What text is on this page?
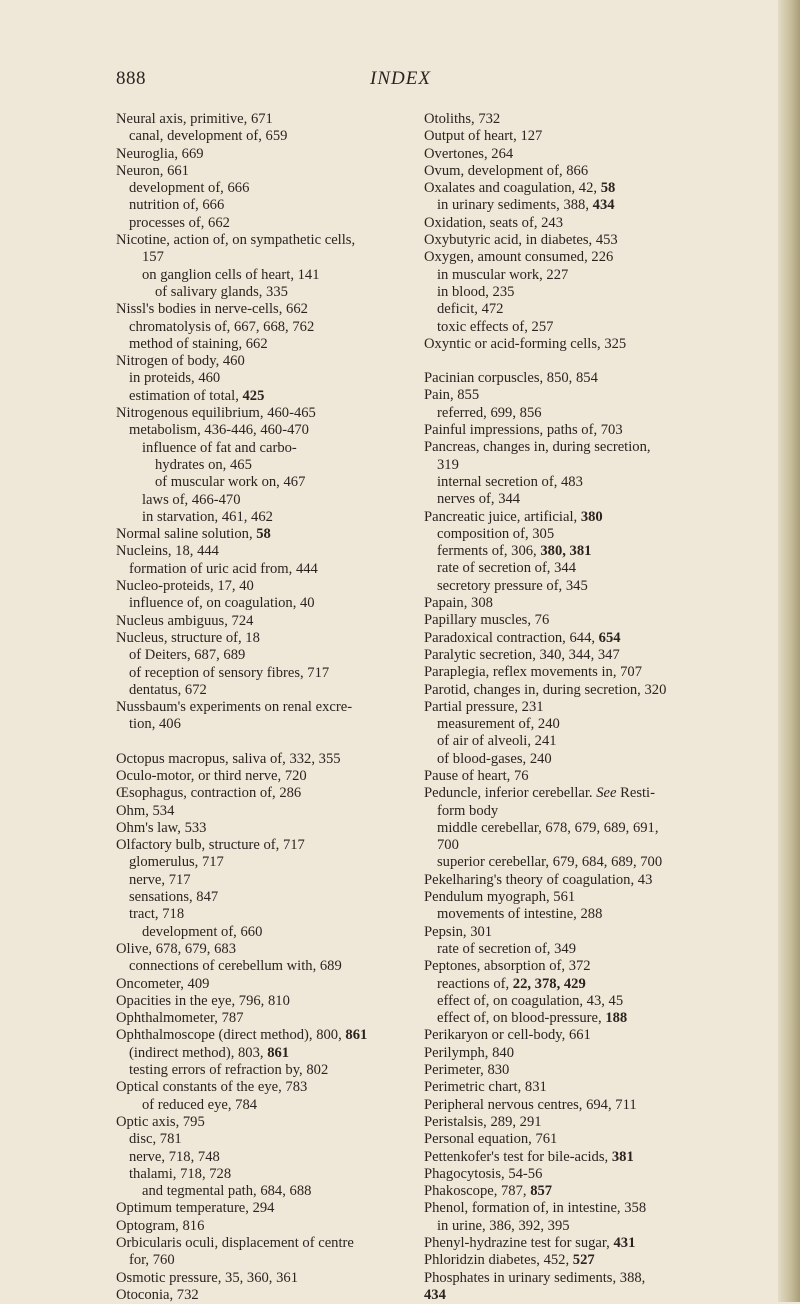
888	INDEX
Neural axis, primitive, 671
canal, development of, 659
Neuroglia, 669
Neuron, 661
development of, 666
nutrition of, 666
processes of, 662
Nicotine, action of, on sympathetic cells,
157
on ganglion cells of heart, 141
of salivary glands, 335
Nissl's bodies in nerve-cells, 662
chromatolysis of, 667, 668, 762
method of staining, 662
Nitrogen of body, 460
in proteids, 460
estimation of total, 425
Nitrogenous equilibrium, 460-465
metabolism, 436-446, 460-470
influence of fat and carbo-
hydrates on, 465
of muscular work on, 467
laws of, 466-470
in starvation, 461, 462
Normal saline solution, 58
Nucleins, 18, 444
formation of uric acid from, 444
Nucleo-proteids, 17, 40
influence of, on coagulation, 40
Nucleus ambiguus, 724
Nucleus, structure of, 18
of Deiters, 687, 689
of reception of sensory fibres, 717
dentatus, 672
Nussbaum's experiments on renal excre-
tion, 406
Octopus macropus, saliva of, 332, 355
Oculo-motor, or third nerve, 720
Œsophagus, contraction of, 286
Ohm, 534
Ohm's law, 533
Olfactory bulb, structure of, 717
glomerulus, 717
nerve, 717
sensations, 847
tract, 718
development of, 660
Olive, 678, 679, 683
connections of cerebellum with, 689
Oncometer, 409
Opacities in the eye, 796, 810
Ophthalmometer, 787
Ophthalmoscope (direct method), 800, 861
(indirect method), 803, 861
testing errors of refraction by, 802
Optical constants of the eye, 783
of reduced eye, 784
Optic axis, 795
disc, 781
nerve, 718, 748
thalami, 718, 728
and tegmental path, 684, 688
Optimum temperature, 294
Optogram, 816
Orbicularis oculi, displacement of centre
for, 760
Osmotic pressure, 35, 360, 361
Otoconia, 732
Otoliths, 732
Output of heart, 127
Overtones, 264
Ovum, development of, 866
Oxalates and coagulation, 42, 58
in urinary sediments, 388, 434
Oxidation, seats of, 243
Oxybutyric acid, in diabetes, 453
Oxygen, amount consumed, 226
in muscular work, 227
in blood, 235
deficit, 472
toxic effects of, 257
Oxyntic or acid-forming cells, 325
Pacinian corpuscles, 850, 854
Pain, 855
referred, 699, 856
Painful impressions, paths of, 703
Pancreas, changes in, during secretion,
319
internal secretion of, 483
nerves of, 344
Pancreatic juice, artificial, 380
composition of, 305
ferments of, 306, 380, 381
rate of secretion of, 344
secretory pressure of, 345
Papain, 308
Papillary muscles, 76
Paradoxical contraction, 644, 654
Paralytic secretion, 340, 344, 347
Paraplegia, reflex movements in, 707
Parotid, changes in, during secretion, 320
Partial pressure, 231
measurement of, 240
of air of alveoli, 241
of blood-gases, 240
Pause of heart, 76
Peduncle, inferior cerebellar. See Resti-
form body
middle cerebellar, 678, 679, 689, 691,
700
superior cerebellar, 679, 684, 689, 700
Pekelharing's theory of coagulation, 43
Pendulum myograph, 561
movements of intestine, 288
Pepsin, 301
rate of secretion of, 349
Peptones, absorption of, 372
reactions of, 22, 378, 429
effect of, on coagulation, 43, 45
effect of, on blood-pressure, 188
Perikaryon or cell-body, 661
Perilymph, 840
Perimeter, 830
Perimetric chart, 831
Peripheral nervous centres, 694, 711
Peristalsis, 289, 291
Personal equation, 761
Pettenkofer's test for bile-acids, 381
Phagocytosis, 54-56
Phakoscope, 787, 857
Phenol, formation of, in intestine, 358
in urine, 386, 392, 395
Phenyl-hydrazine test for sugar, 431
Phloridzin diabetes, 452, 527
Phosphates in urinary sediments, 388,
434
